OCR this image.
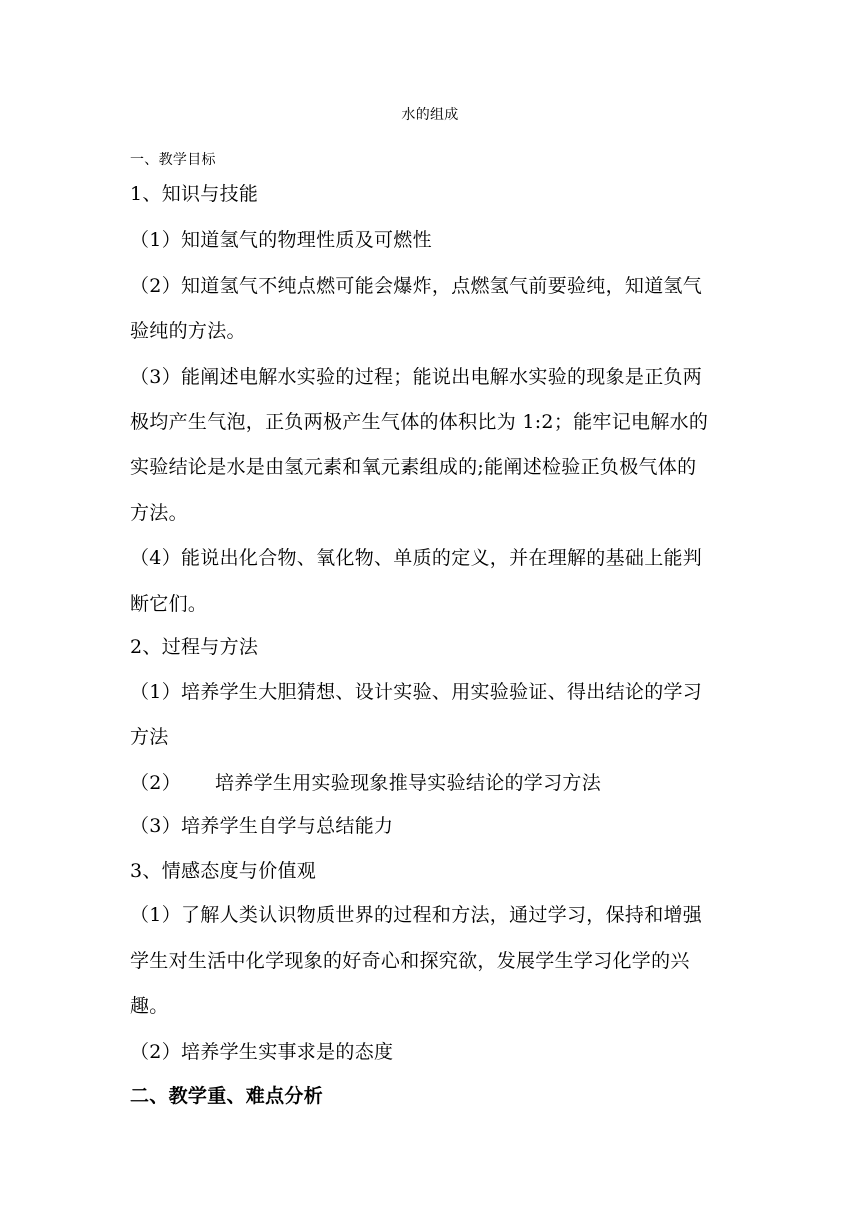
水的组成
一、教学目标
1、知识与技能
（1）知道氢气的物理性质及可燃性
（2）知道氢气不纯点燃可能会爆炸，点燃氢气前要验纯，知道氢气
验纯的方法。
（3）能阐述电解水实验的过程；能说出电解水实验的现象是正负两
极均产生气泡，正负两极产生气体的体积比为 1:2；能牢记电解水的
实验结论是水是由氢元素和氧元素组成的;能阐述检验正负极气体的
方法。
（4）能说出化合物、氧化物、单质的定义，并在理解的基础上能判
断它们。
2、过程与方法
（1）培养学生大胆猜想、设计实验、用实验验证、得出结论的学习
方法
（2） 培养学生用实验现象推导实验结论的学习方法
（3）培养学生自学与总结能力
3、情感态度与价值观
（1）了解人类认识物质世界的过程和方法，通过学习，保持和增强
学生对生活中化学现象的好奇心和探究欲，发展学生学习化学的兴
趣。
（2）培养学生实事求是的态度
二、教学重、难点分析
